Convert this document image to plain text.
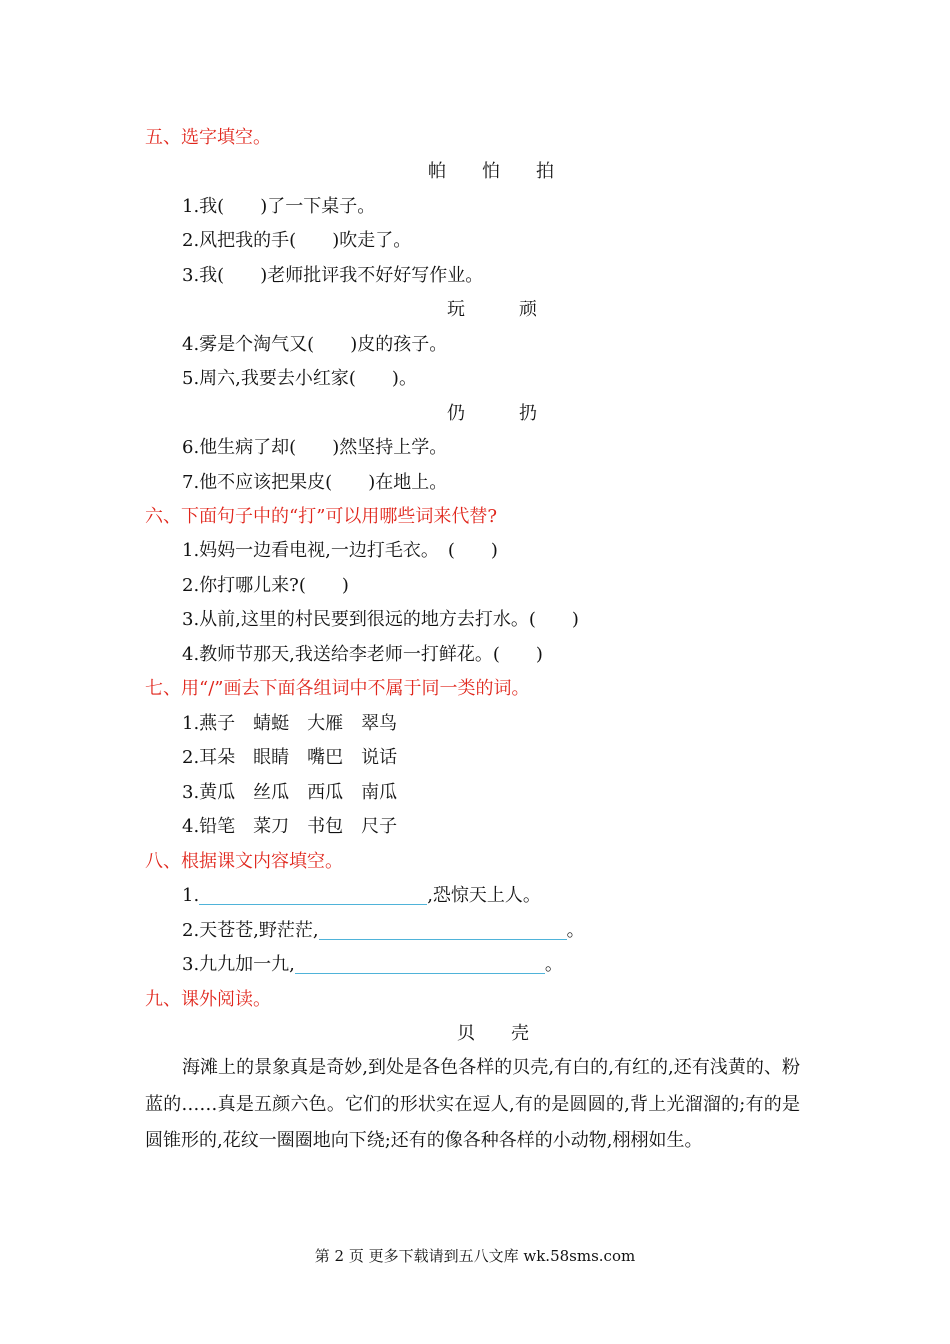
五、选字填空。
帕　　怕　　拍
1.我(　　)了一下桌子。
2.风把我的手(　　)吹走了。
3.我(　　)老师批评我不好好写作业。
玩　　　顽
4.雾是个淘气又(　　)皮的孩子。
5.周六,我要去小红家(　　)。
仍　　　扔
6.他生病了却(　　)然坚持上学。
7.他不应该把果皮(　　)在地上。
六、下面句子中的“打”可以用哪些词来代替?
1.妈妈一边看电视,一边打毛衣。　(　　)
2.你打哪儿来?(　　)
3.从前,这里的村民要到很远的地方去打水。(　　)
4.教师节那天,我送给李老师一打鲜花。(　　)
七、用“/”画去下面各组词中不属于同一类的词。
1.燕子　蜻蜓　大雁　翠鸟
2.耳朵　眼睛　嘴巴　说话
3.黄瓜　丝瓜　西瓜　南瓜
4.铅笔　菜刀　书包　尺子
八、根据课文内容填空。
1.	,恐惊天上人。
2.天苍苍,野茫茫,	。
3.九九加一九,	。
九、课外阅读。
贝　　壳

海滩上的景象真是奇妙,到处是各色各样的贝壳,有白的,有红的,还有浅黄的、粉蓝的……真是五颜六色。它们的形状实在逗人,有的是圆圆的,背上光溜溜的;有的是圆锥形的,花纹一圈圈地向下绕;还有的像各种各样的小动物,栩栩如生。

第 2 页 更多下载请到五八文库 wk.58sms.com
